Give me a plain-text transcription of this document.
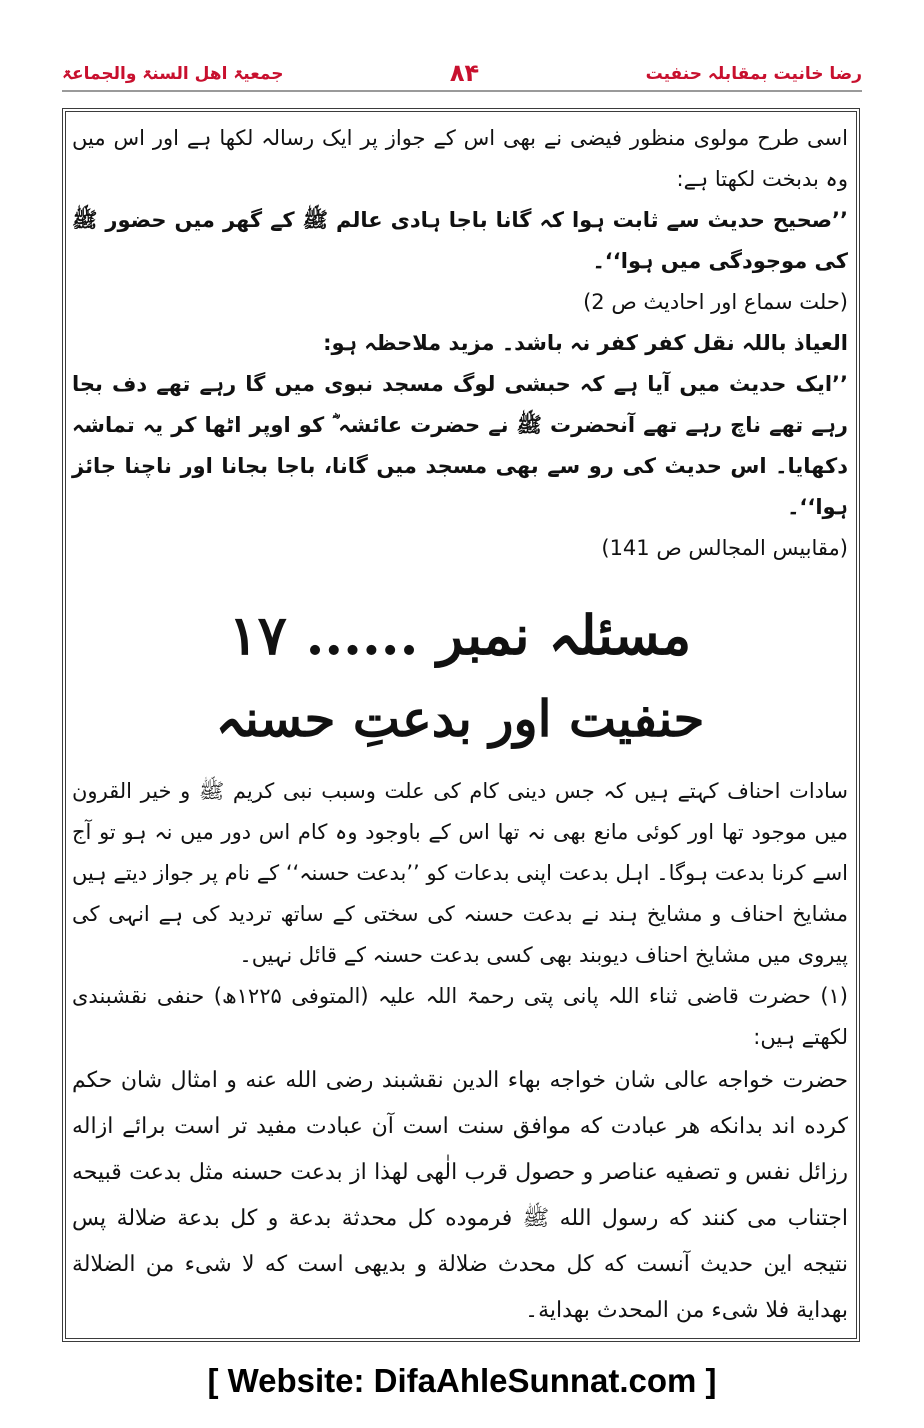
جمعیۃ اھل السنۃ والجماعۃ	۸۴	رضا خانیت بمقابلہ حنفیت

اسی طرح مولوی منظور فیضی نے بھی اس کے جواز پر ایک رسالہ لکھا ہے اور اس میں وہ بدبخت لکھتا ہے:

’’صحیح حدیث سے ثابت ہوا کہ گانا باجا ہادی عالم ﷺ کے گھر میں حضور ﷺ کی موجودگی میں ہوا‘‘۔

(حلت سماع اور احادیث ص 2)

العیاذ باللہ نقل کفر کفر نہ باشد۔ مزید ملاحظہ ہو:

’’ایک حدیث میں آیا ہے کہ حبشی لوگ مسجد نبوی میں گا رہے تھے دف بجا رہے تھے ناچ رہے تھے آنحضرت ﷺ نے حضرت عائشہ ؓ کو اوپر اٹھا کر یہ تماشہ دکھایا۔ اس حدیث کی رو سے بھی مسجد میں گانا، باجا بجانا اور ناچنا جائز ہوا‘‘۔

(مقابیس المجالس ص 141)

مسئلہ نمبر ...... ۱۷
حنفیت اور بدعتِ حسنہ

سادات احناف کہتے ہیں کہ جس دینی کام کی علت وسبب نبی کریم ﷺ و خیر القرون میں موجود تھا اور کوئی مانع بھی نہ تھا اس کے باوجود وہ کام اس دور میں نہ ہو تو آج اسے کرنا بدعت ہوگا۔ اہل بدعت اپنی بدعات کو ’’بدعت حسنہ‘‘ کے نام پر جواز دیتے ہیں مشایخ احناف و مشایخ ہند نے بدعت حسنہ کی سختی کے ساتھ تردید کی ہے انہی کی پیروی میں مشایخ احناف دیوبند بھی کسی بدعت حسنہ کے قائل نہیں۔

(۱) حضرت قاضی ثناء اللہ پانی پتی رحمۃ اللہ علیہ (المتوفی ۱۲۲۵ھ) حنفی نقشبندی لکھتے ہیں:

حضرت خواجه عالی شان خواجه بهاء الدین نقشبند رضی الله عنه و امثال شان حکم کرده اند بدانکه هر عبادت که موافق سنت است آن عبادت مفید تر است برائے ازاله رزائل نفس و تصفیه عناصر و حصول قرب الٰهی لهذا از بدعت حسنه مثل بدعت قبیحه اجتناب می کنند که رسول الله ﷺ فرموده کل محدثة بدعة و کل بدعة ضلالة پس نتیجه این حدیث آنست که کل محدث ضلالة و بدیهی است که لا شیء من الضلالة بهدایة فلا شیء من المحدث بهدایة۔

[ Website: DifaAhleSunnat.com ]
